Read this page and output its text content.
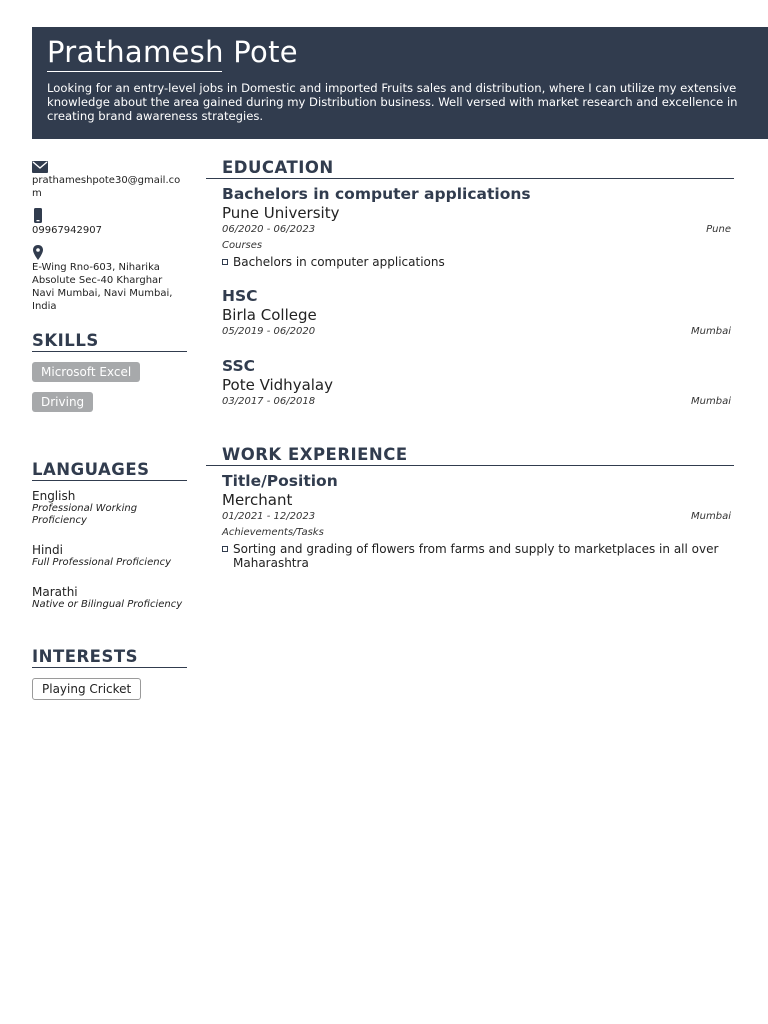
Prathamesh Pote

Looking for an entry-level jobs in Domestic and imported Fruits sales and distribution, where I can utilize my extensive knowledge about the area gained during my Distribution business. Well versed with market research and excellence in creating brand awareness strategies.

prathameshpote30@gmail.com
09967942907
E-Wing Rno-603, Niharika Absolute Sec-40 Kharghar Navi Mumbai, Navi Mumbai, India
SKILLS
Microsoft Excel
Driving
LANGUAGES
English
Professional Working Proficiency
Hindi
Full Professional Proficiency
Marathi
Native or Bilingual Proficiency
INTERESTS
Playing Cricket
EDUCATION
Bachelors in computer applications
Pune University
06/2020 - 06/2023	Pune
Courses
Bachelors in computer applications
HSC
Birla College
05/2019 - 06/2020	Mumbai
SSC
Pote Vidhyalay
03/2017 - 06/2018	Mumbai
WORK EXPERIENCE
Title/Position
Merchant
01/2021 - 12/2023	Mumbai
Achievements/Tasks
Sorting and grading of flowers from farms and supply to marketplaces in all over Maharashtra
